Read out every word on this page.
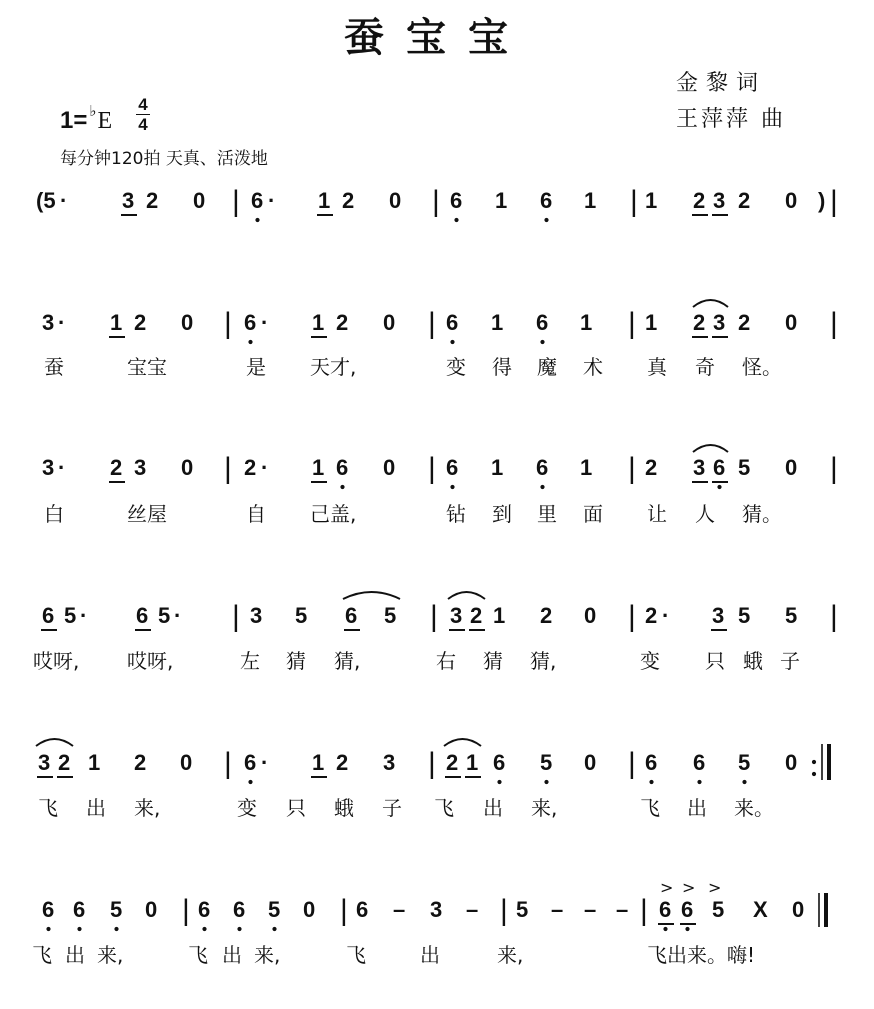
蚕宝宝
金黎词
王萍萍 曲
1= ♭E
4
4
每分钟120拍 天真、活泼地
(5 · 3 2 0 | 6 · 1 2 0 | 6 1 6 1 | 1 2 3 2 0 ) |
3 · 1 2 0 | 6 · 1 2 0 | 6 1 6 1 | 1 2 3 2 0 |
蚕	宝宝	是 天才,	变 得 魔 术 真 奇 怪。
3 · 2 3 0 | 2 · 1 6 0 | 6 1 6 1 | 2 3 6 5 0 |
白	丝屋	自 己盖,	钻 到 里 面 让 人 猜。
6 5 · 6 5 · | 3 5 6 5 | 3 2 1 2 0 | 2 · 3 5 5 |
哎呀, 哎呀,	左 猜 猜,	右 猜 猜,	变 只 蛾 子
3 2 1 2 0 | 6 · 1 2 3 | 2 1 6 5 0 | 6 6 5 0
飞 出 来,	变 只 蛾 子 飞 出 来,	飞 出 来。
6 6 5 0 | 6 6 5 0 | 6 – 3 – | 5 – – – | 6 6 5 X 0
飞 出 来,	飞 出 来,	飞	出	来,	飞出来。嗨!
> > >
